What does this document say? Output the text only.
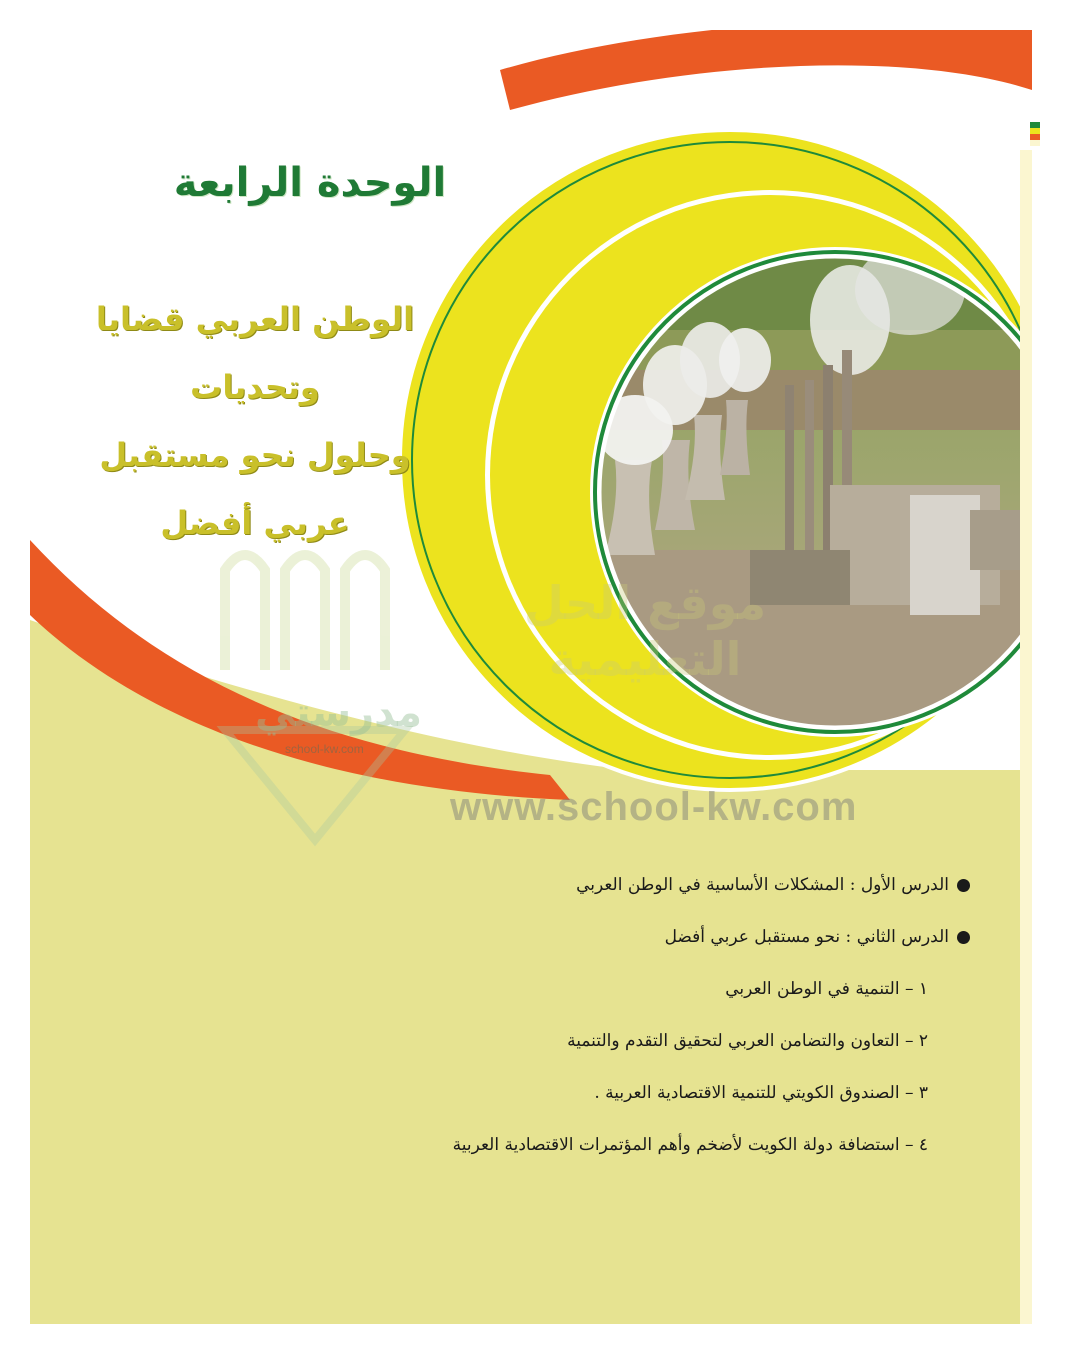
الوحدة الرابعة
الوطن العربي قضايا
وتحديات
وحلول نحو مستقبل
عربي أفضل
موقع الحل
التعليمية
مدرستي
school-kw.com
www.school-kw.com
الدرس الأول : المشكلات الأساسية في الوطن العربي
الدرس الثاني : نحو مستقبل عربي أفضل
١ – التنمية في الوطن العربي
٢ – التعاون والتضامن العربي لتحقيق التقدم والتنمية
٣ – الصندوق الكويتي للتنمية الاقتصادية العربية .
٤ – استضافة دولة الكويت لأضخم وأهم المؤتمرات الاقتصادية العربية
